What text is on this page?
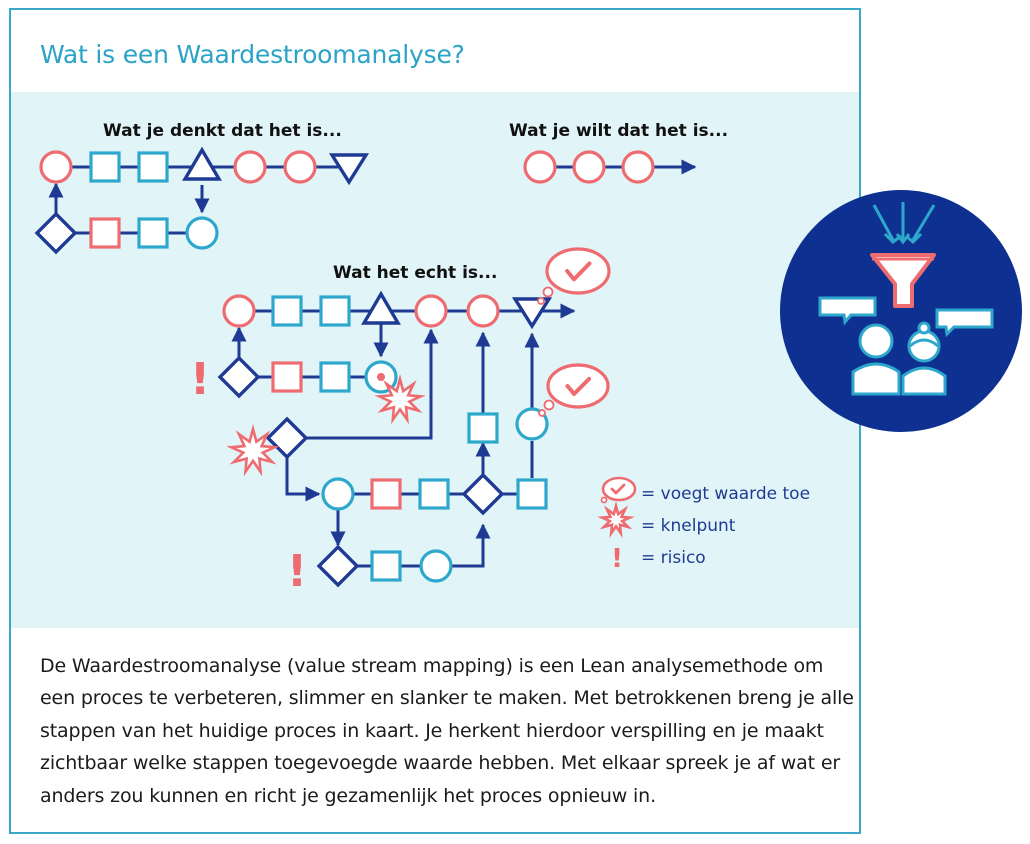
Wat is een Waardestroomanalyse?

De Waardestroomanalyse (value stream mapping) is een Lean analysemethode om een proces te verbeteren, slimmer en slanker te maken. Met betrokkenen breng je alle stappen van het huidige proces in kaart. Je herkent hierdoor verspilling en je maakt zichtbaar welke stappen toegevoegde waarde hebben. Met elkaar spreek je af wat er anders zou kunnen en richt je gezamenlijk het proces opnieuw in.

Wat je denkt dat het is...	Wat je wilt dat het is...
Wat het echt is...
!
!
= voegt waarde toe
= knelpunt
= risico
!
